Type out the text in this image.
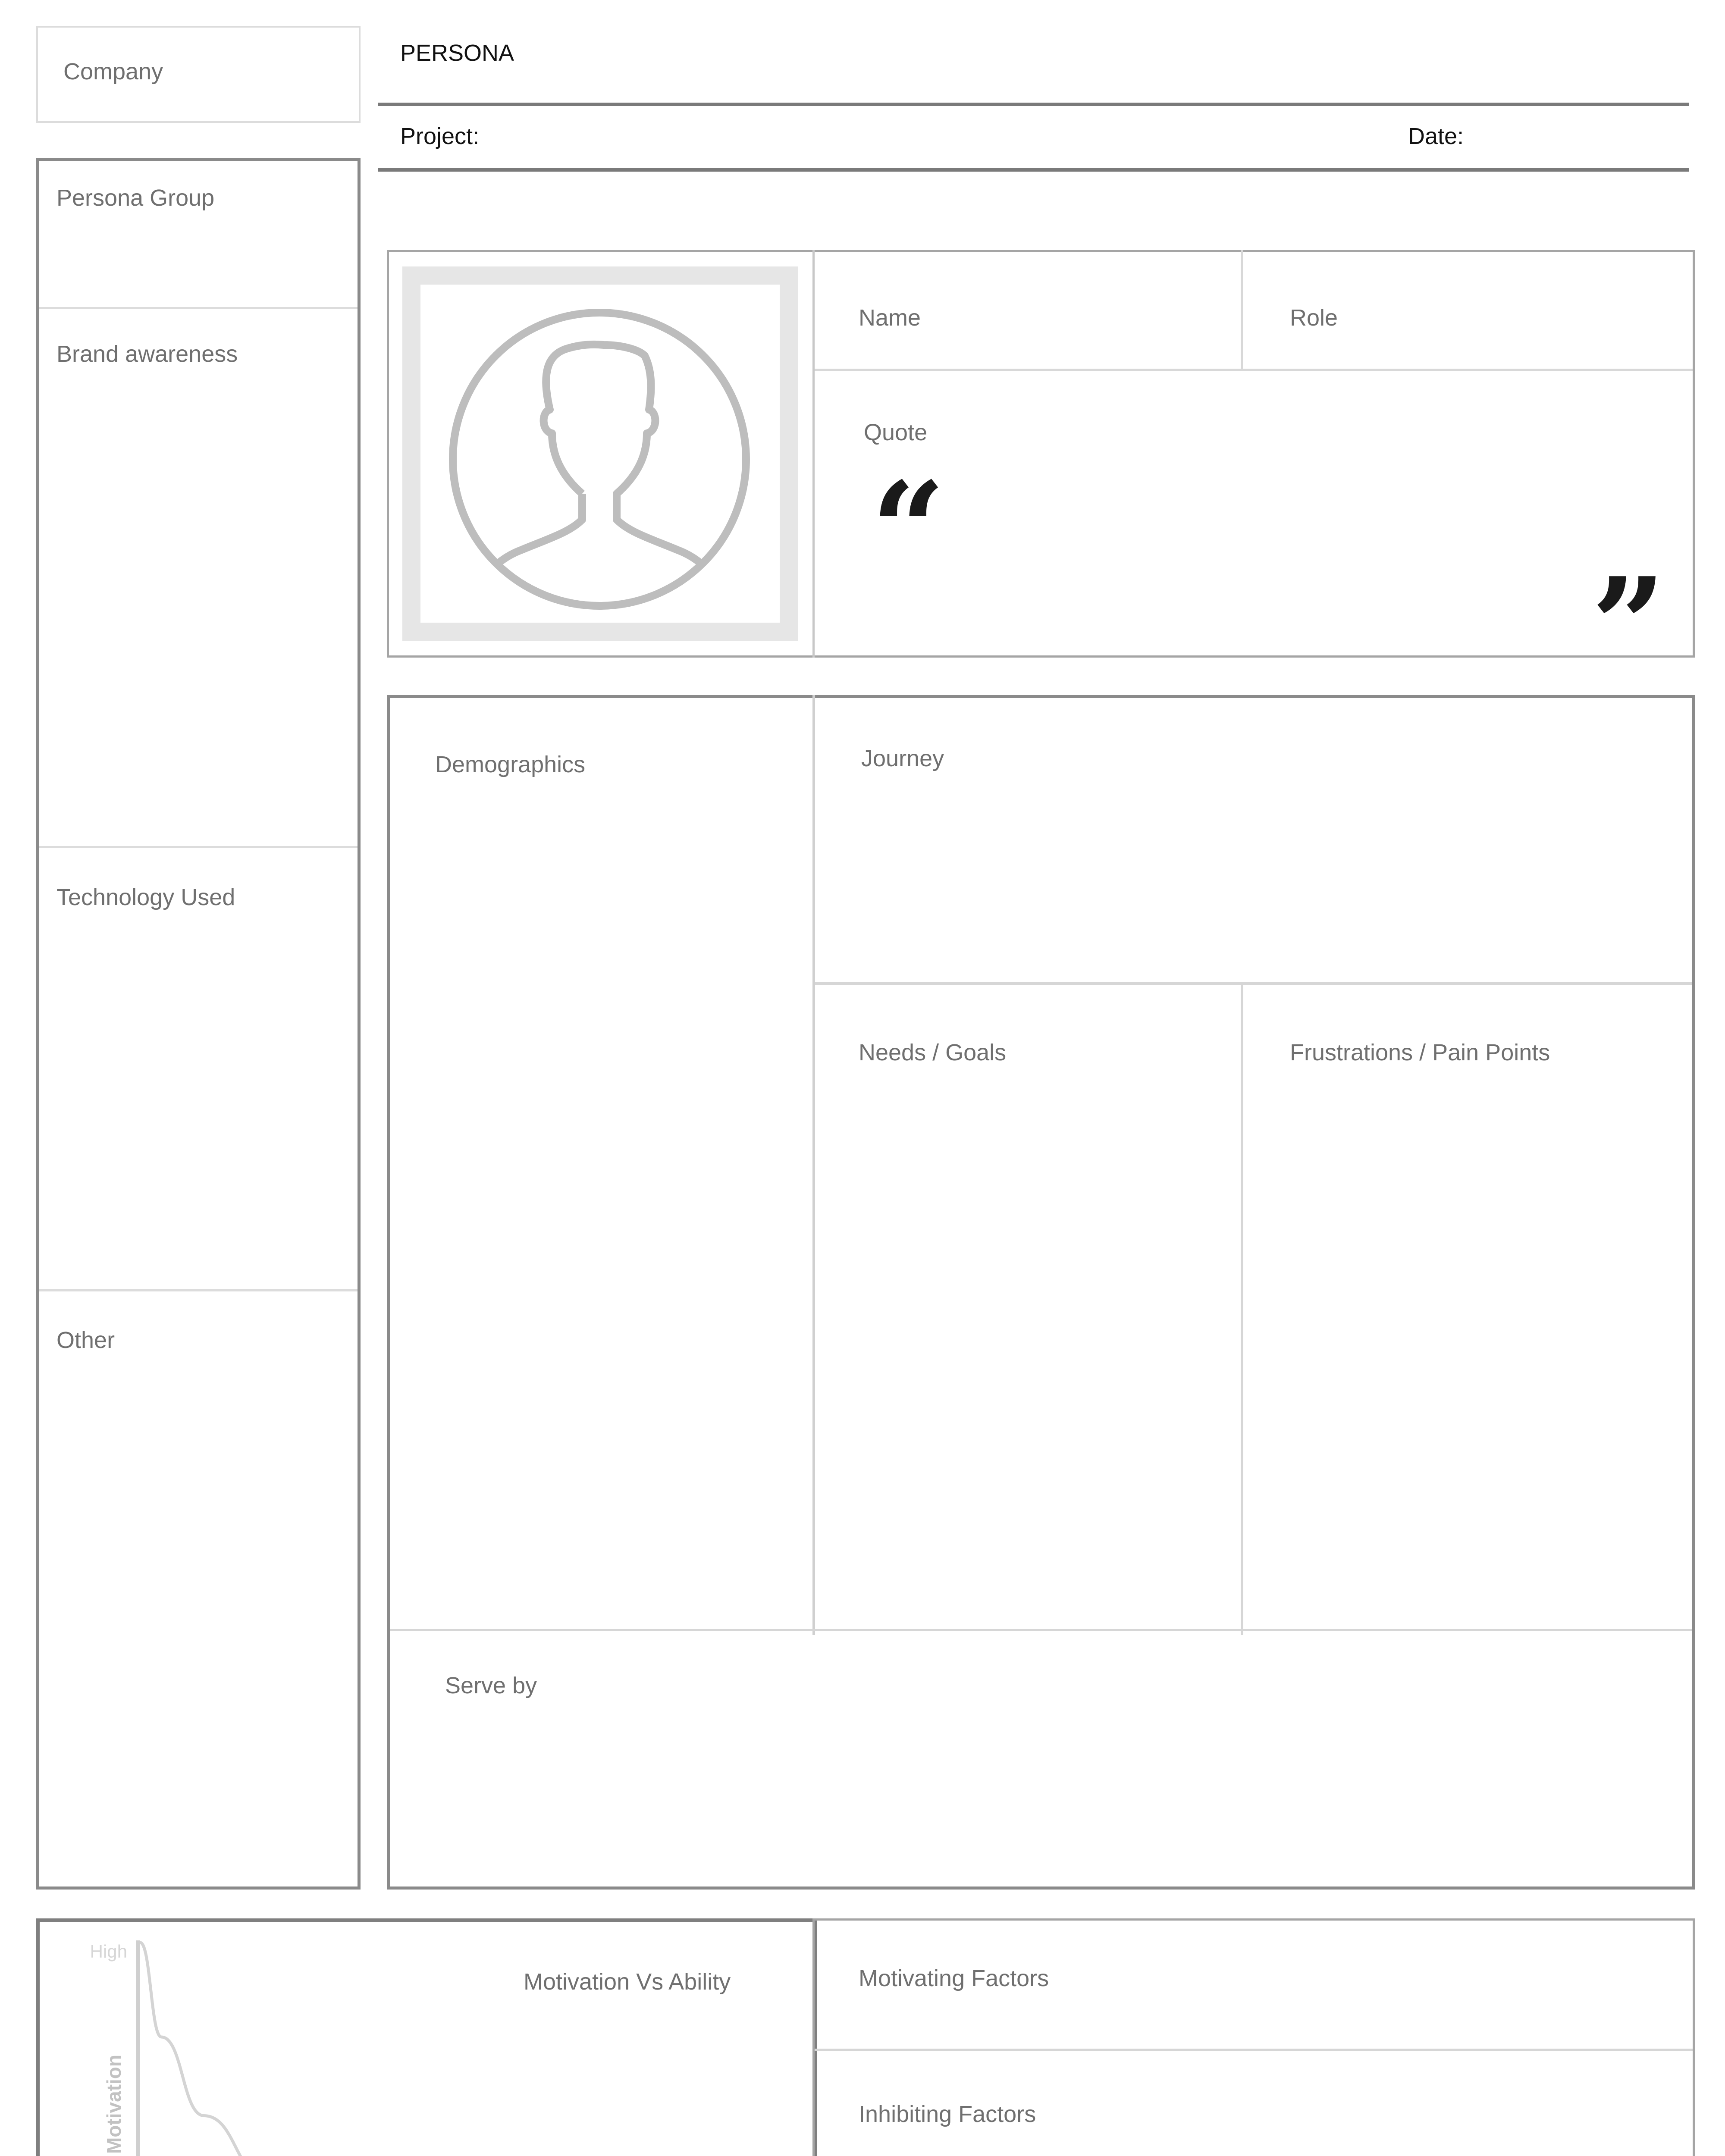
Company
PERSONA
Project:	Date:
Persona Group
Brand awareness
Technology Used
Other
Name	Role
Quote
“
”
Demographics	Journey
Needs / Goals	Frustrations / Pain Points
Serve by
Motivation Vs Ability	Motivating Factors
Inhibiting Factors
High
Motivation
